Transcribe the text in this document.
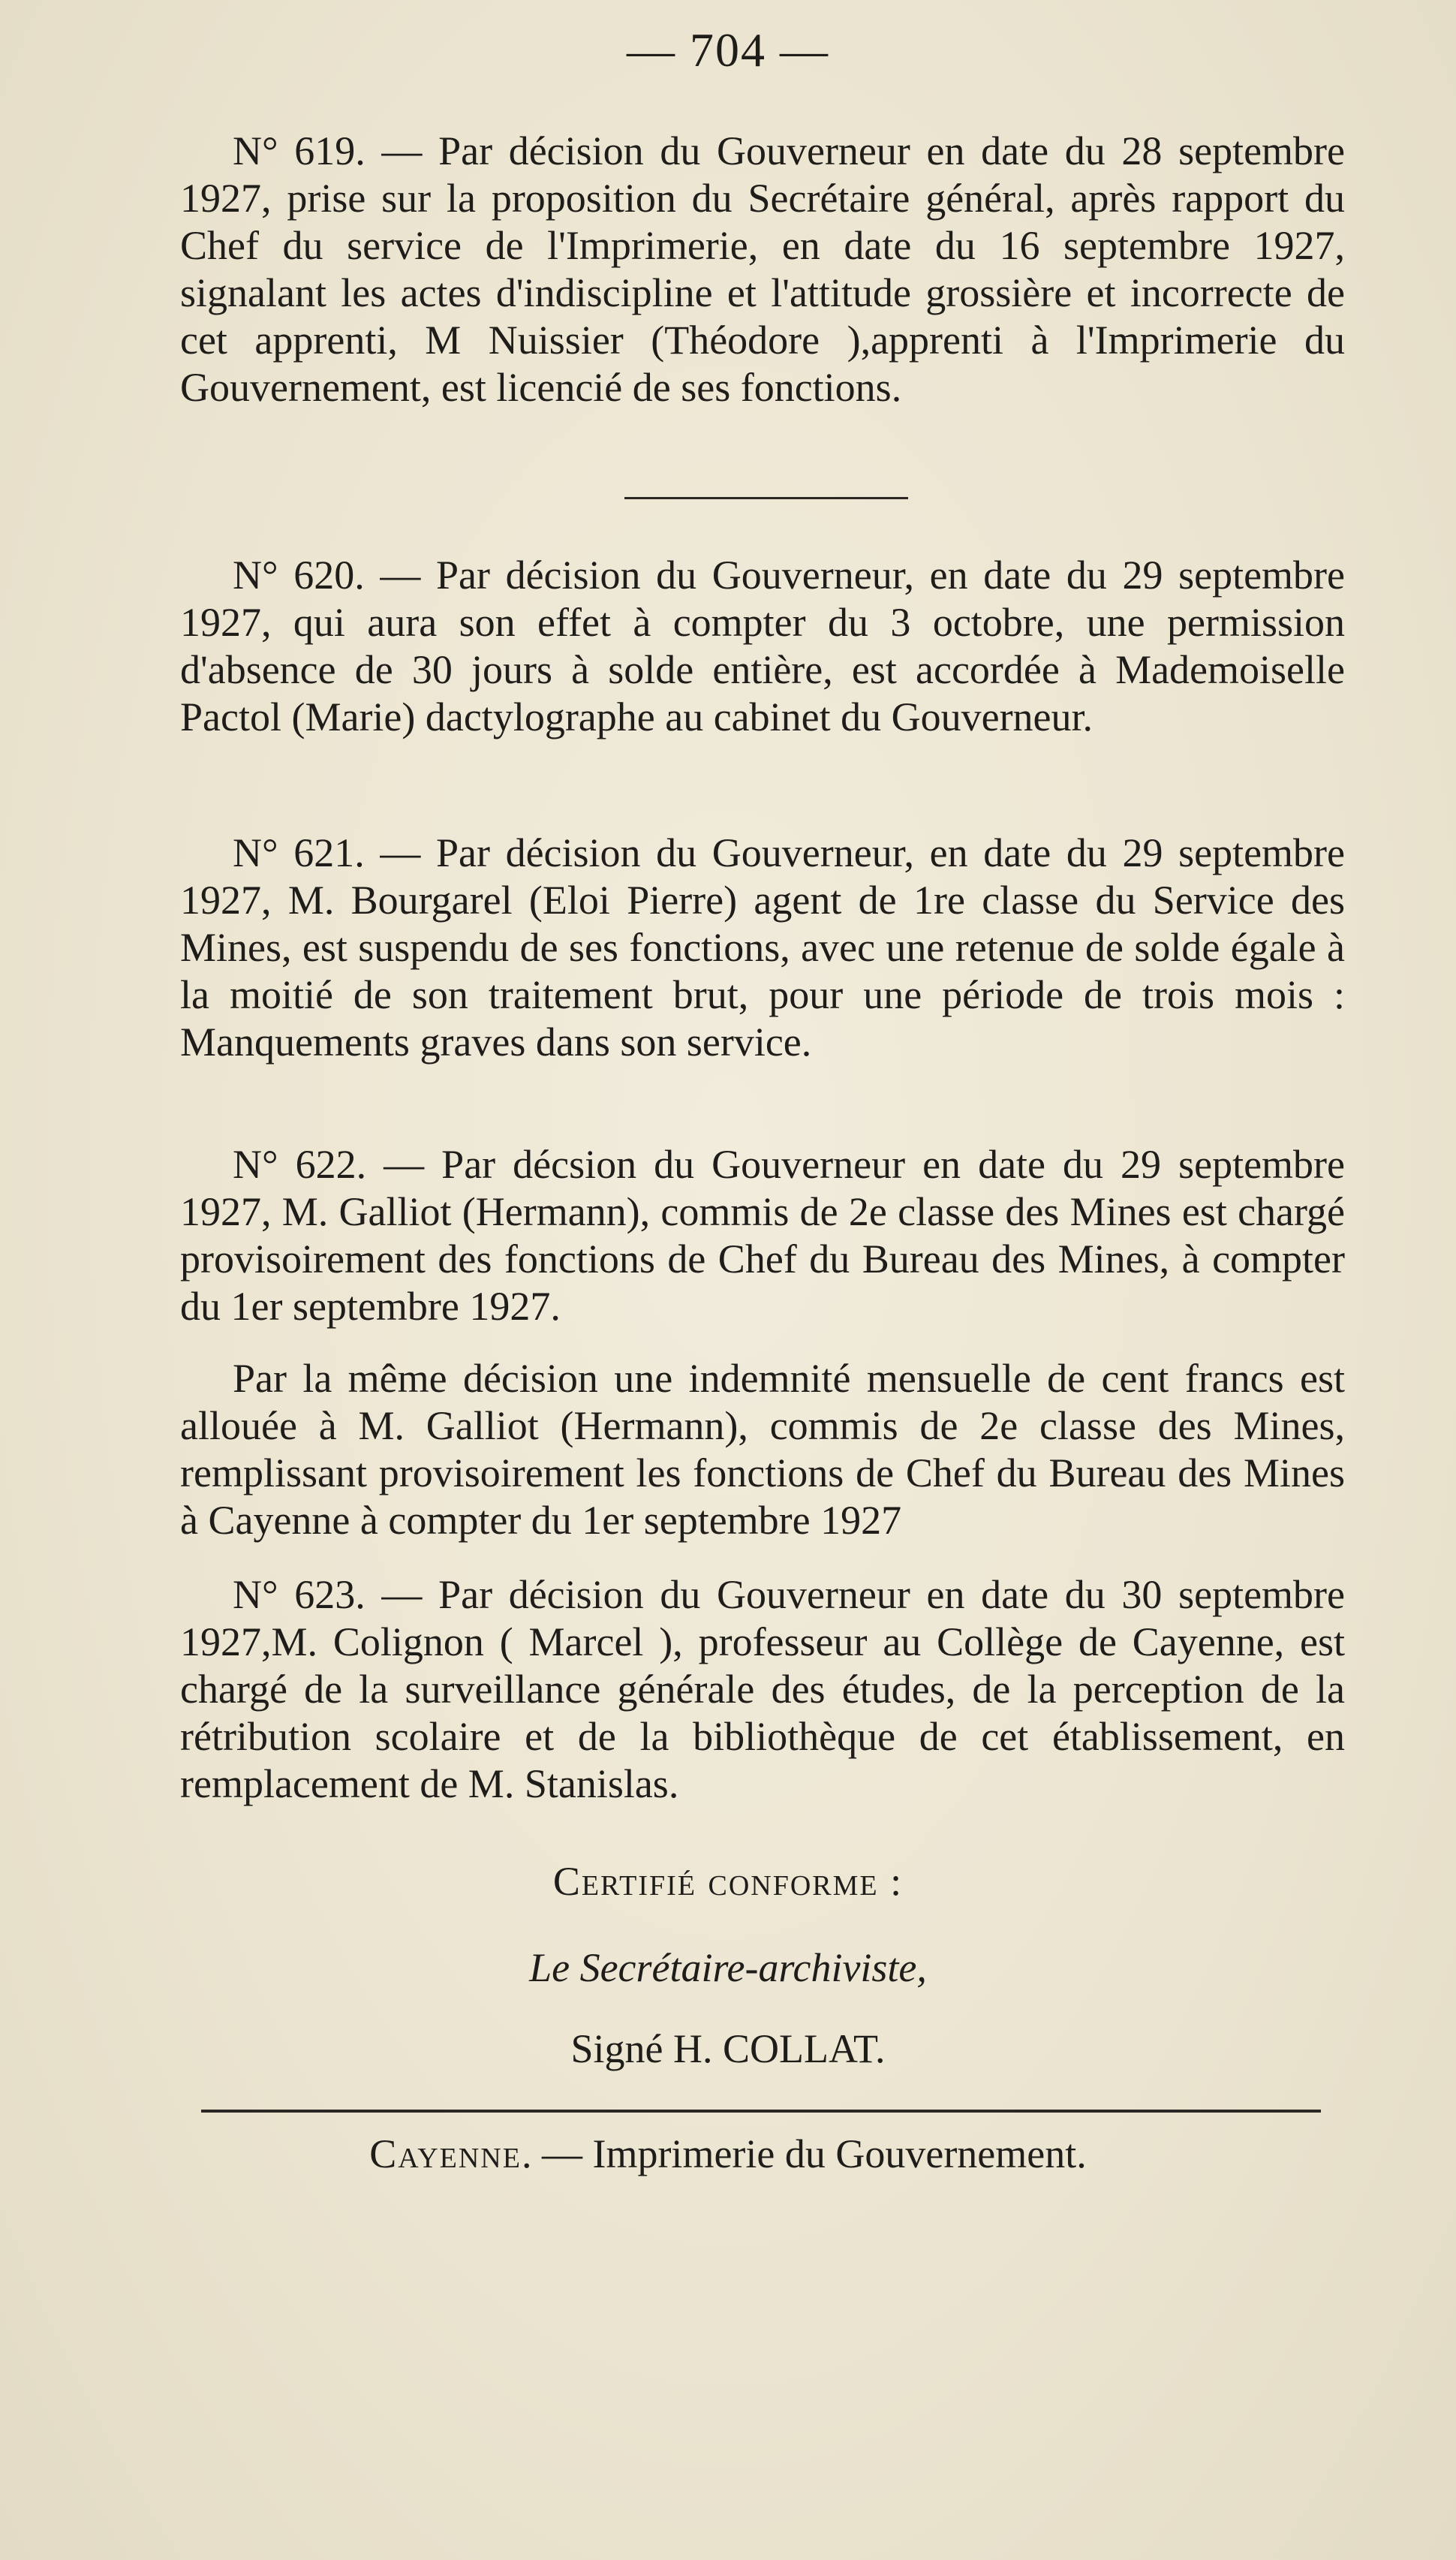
— 704 —

N° 619. — Par décision du Gouverneur en date du 28 septembre 1927, prise sur la proposition du Secrétaire général, après rapport du Chef du service de l'Imprimerie, en date du 16 septembre 1927, signalant les actes d'indiscipline et l'attitude grossière et incorrecte de cet apprenti, M Nuissier (Théodore ),apprenti à l'Imprimerie du Gouvernement, est licencié de ses fonctions.

N° 620. — Par décision du Gouverneur, en date du 29 septembre 1927, qui aura son effet à compter du 3 octobre, une permission d'absence de 30 jours à solde entière, est accordée à Mademoiselle Pactol (Marie) dactylographe au cabinet du Gouverneur.

N° 621. — Par décision du Gouverneur, en date du 29 septembre 1927, M. Bourgarel (Eloi Pierre) agent de 1re classe du Service des Mines, est suspendu de ses fonctions, avec une retenue de solde égale à la moitié de son traitement brut, pour une période de trois mois : Manquements graves dans son service.

N° 622. — Par décsion du Gouverneur en date du 29 septembre 1927, M. Galliot (Hermann), commis de 2e classe des Mines est chargé provisoirement des fonctions de Chef du Bureau des Mines, à compter du 1er septembre 1927.

Par la même décision une indemnité mensuelle de cent francs est allouée à M. Galliot (Hermann), commis de 2e classe des Mines, remplissant provisoirement les fonctions de Chef du Bureau des Mines à Cayenne à compter du 1er septembre 1927

N° 623. — Par décision du Gouverneur en date du 30 septembre 1927,M. Colignon ( Marcel ), professeur au Collège de Cayenne, est chargé de la surveillance générale des études, de la perception de la rétribution scolaire et de la bibliothèque de cet établissement, en remplacement de M. Stanislas.

Certifié conforme :
Le Secrétaire-archiviste,
Signé H. COLLAT.
Cayenne. — Imprimerie du Gouvernement.
